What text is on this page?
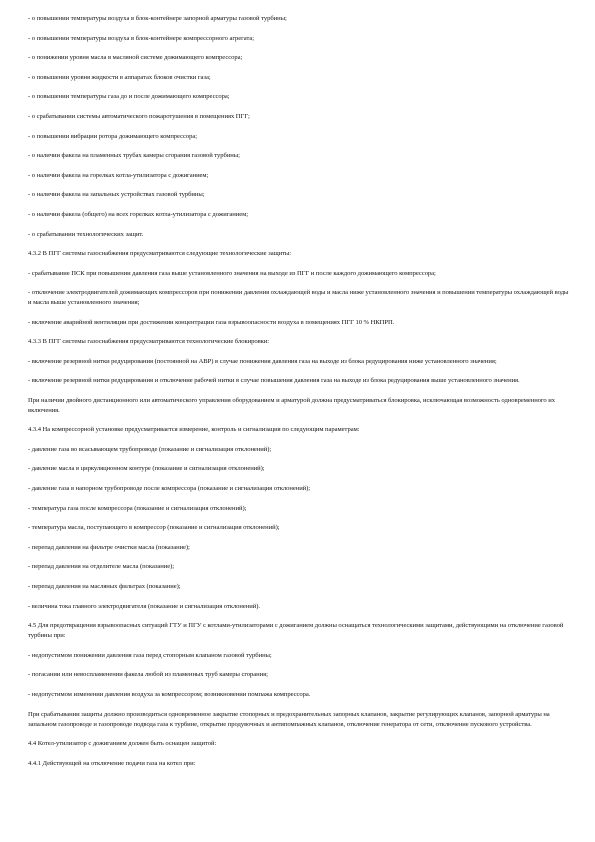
- о повышении температуры воздуха в блок-контейнере запорной арматуры газовой турбины;

- о повышении температуры воздуха в блок-контейнере компрессорного агрегата;

- о понижении уровня масла в масляной системе дожимающего компрессора;

- о повышении уровня жидкости в аппаратах блоков очистки газа;

- о повышении температуры газа до и после дожимающего компрессора;

- о срабатывании системы автоматического пожаротушения в помещениях ПГГ;

- о повышении вибрации ротора дожимающего компрессора;

- о наличии факела на пламенных трубах камеры сгорания газовой турбины;

- о наличии факела на горелках котла-утилизатора с дожиганием;

- о наличии факела на запальных устройствах газовой турбины;

- о наличии факела (общего) на всех горелках котла-утилизатора с дожиганием;

- о срабатывании технологических защит.

4.3.2 В ПГГ системы газоснабжения предусматриваются следующие технологические защиты:

- срабатывание ПСК при повышении давления газа выше установленного значения на выходе из ПГГ и после каждого дожимающего компрессора;

- отключение электродвигателей дожимающих компрессоров при понижении давления охлаждающей воды и масла ниже установленного значения и повышении температуры охлаждающей воды и масла выше установленного значения;

- включение аварийной вентиляции при достижении концентрации газа взрывоопасности воздуха в помещениях ПГГ 10 % НКПРП.

4.3.3 В ПГГ системы газоснабжения предусматриваются технологические блокировки:

- включение резервной нитки редуцирования (постоянной на АВР) в случае понижения давления газа на выходе из блока редуцирования ниже установленного значения;

- включение резервной нитки редуцирования и отключение рабочей нитки в случае повышения давления газа на выходе из блока редуцирования выше установленного значения.

При наличии двойного дистанционного или автоматического управления оборудованием и арматурой должна предусматриваться блокировка, исключающая возможность одновременного их включения.

4.3.4 На компрессорной установке предусматривается измерение, контроль и сигнализация по следующим параметрам:

- давление газа во всасывающем трубопроводе (показание и сигнализация отклонений);

- давление масла в циркуляционном контуре (показание и сигнализация отклонений);

- давление газа в напорном трубопроводе после компрессора (показание и сигнализация отклонений);

- температура газа после компрессора (показание и сигнализация отклонений);

- температура масла, поступающего в компрессор (показание и сигнализация отклонений);

- перепад давления на фильтре очистки масла (показание);

- перепад давления на отделителе масла (показание);

- перепад давления на масляных фильтрах (показание);

- величина тока главного электродвигателя (показание и сигнализация отклонений).

4.5 Для предотвращения взрывоопасных ситуаций ГТУ и ПГУ с котлами-утилизаторами с дожиганием должны оснащаться технологическими защитами, действующими на отключение газовой турбины при:

- недопустимом понижении давления газа перед стопорным клапаном газовой турбины;

- погасании или невоспламенении факела любой из пламенных труб камеры сгорания;

- недопустимом изменении давления воздуха за компрессором; возникновении помпажа компрессора.

При срабатывании защиты должно производиться одновременное закрытие стопорных и предохранительных запорных клапанов, закрытие регулирующих клапанов, запорной арматуры на запальном газопроводе и газопроводе подвода газа к турбине, открытие продувочных и антипомпажных клапанов, отключение генератора от сети, отключение пускового устройства.

4.4 Котел-утилизатор с дожиганием должен быть оснащен защитой:

4.4.1 Действующей на отключение подачи газа на котел при:
